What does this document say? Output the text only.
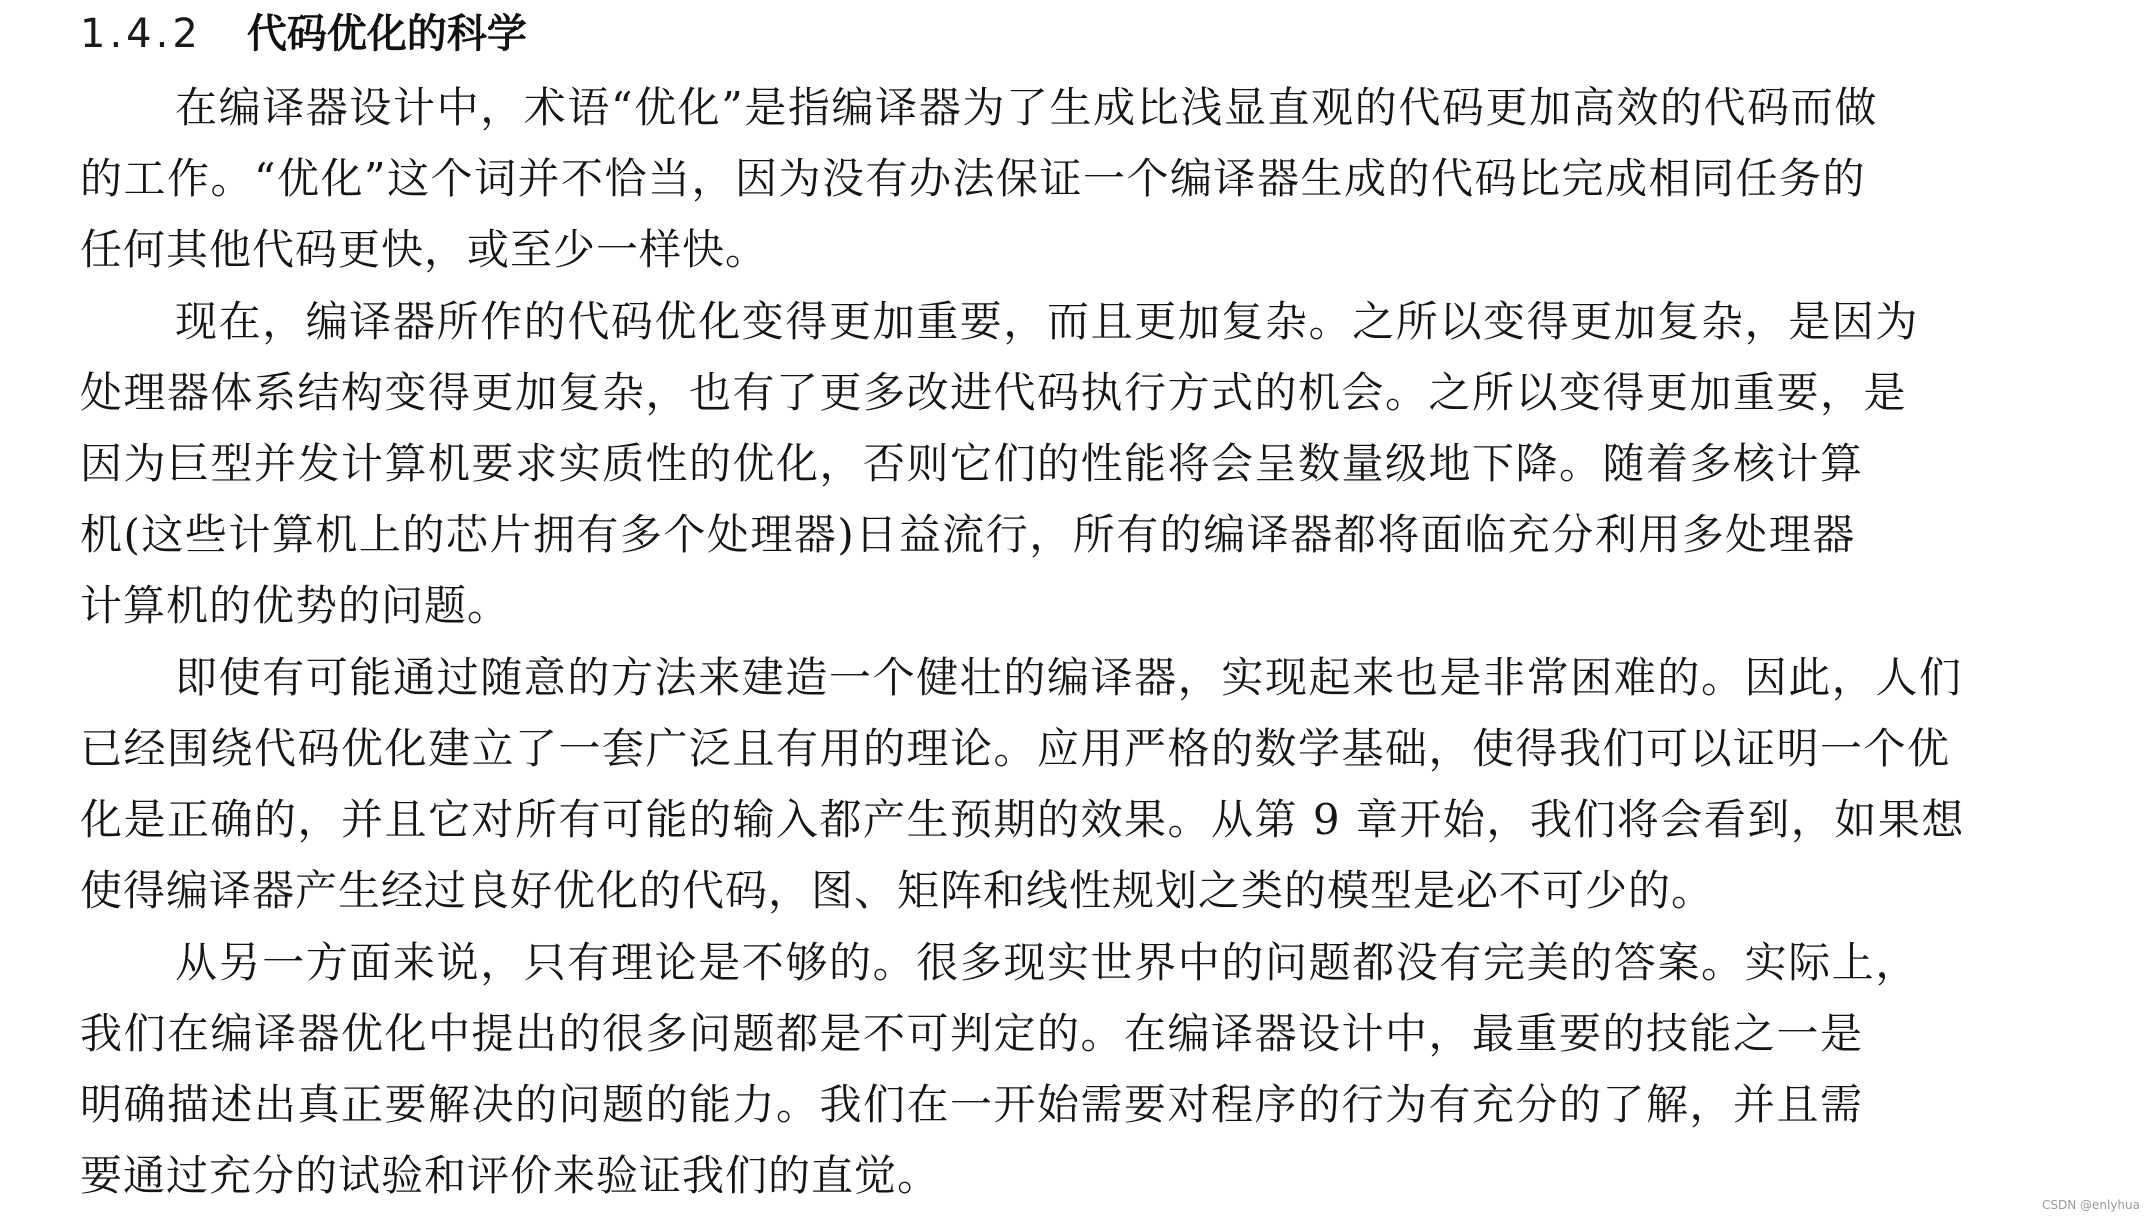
1.4.2 代码优化的科学
在编译器设计中，术语“优化”是指编译器为了生成比浅显直观的代码更加高效的代码而做
的工作。“优化”这个词并不恰当，因为没有办法保证一个编译器生成的代码比完成相同任务的
任何其他代码更快，或至少一样快。
现在，编译器所作的代码优化变得更加重要，而且更加复杂。之所以变得更加复杂，是因为
处理器体系结构变得更加复杂，也有了更多改进代码执行方式的机会。之所以变得更加重要，是
因为巨型并发计算机要求实质性的优化，否则它们的性能将会呈数量级地下降。随着多核计算
机(这些计算机上的芯片拥有多个处理器)日益流行，所有的编译器都将面临充分利用多处理器
计算机的优势的问题。
即使有可能通过随意的方法来建造一个健壮的编译器，实现起来也是非常困难的。因此，人们
已经围绕代码优化建立了一套广泛且有用的理论。应用严格的数学基础，使得我们可以证明一个优
化是正确的，并且它对所有可能的输入都产生预期的效果。从第 9 章开始，我们将会看到，如果想
使得编译器产生经过良好优化的代码，图、矩阵和线性规划之类的模型是必不可少的。
从另一方面来说，只有理论是不够的。很多现实世界中的问题都没有完美的答案。实际上，
我们在编译器优化中提出的很多问题都是不可判定的。在编译器设计中，最重要的技能之一是
明确描述出真正要解决的问题的能力。我们在一开始需要对程序的行为有充分的了解，并且需
要通过充分的试验和评价来验证我们的直觉。
CSDN @enlyhua
